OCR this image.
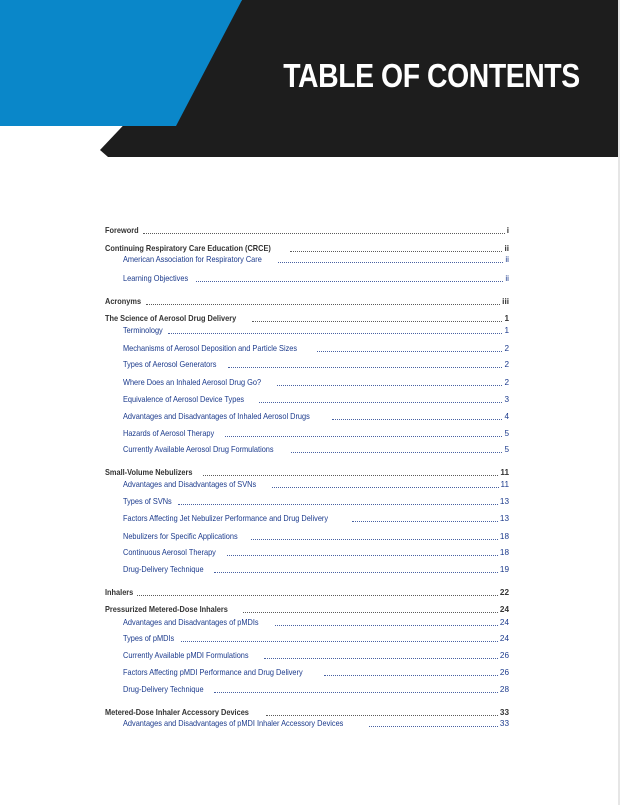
TABLE OF CONTENTS
Foreword	i
Continuing Respiratory Care Education (CRCE)	ii
American Association for Respiratory Care	ii
Learning Objectives	ii
Acronyms	iii
The Science of Aerosol Drug Delivery	1
Terminology	1
Mechanisms of Aerosol Deposition and Particle Sizes	2
Types of Aerosol Generators	2
Where Does an Inhaled Aerosol Drug Go?	2
Equivalence of Aerosol Device Types	3
Advantages and Disadvantages of Inhaled Aerosol Drugs	4
Hazards of Aerosol Therapy	5
Currently Available Aerosol Drug Formulations	5
Small-Volume Nebulizers	11
Advantages and Disadvantages of SVNs	11
Types of SVNs	13
Factors Affecting Jet Nebulizer Performance and Drug Delivery	13
Nebulizers for Specific Applications	18
Continuous Aerosol Therapy	18
Drug-Delivery Technique	19
Inhalers	22
Pressurized Metered-Dose Inhalers	24
Advantages and Disadvantages of pMDIs	24
Types of pMDIs	24
Currently Available pMDI Formulations	26
Factors Affecting pMDI Performance and Drug Delivery	26
Drug-Delivery Technique	28
Metered-Dose Inhaler Accessory Devices	33
Advantages and Disadvantages of pMDI Inhaler Accessory Devices	33
